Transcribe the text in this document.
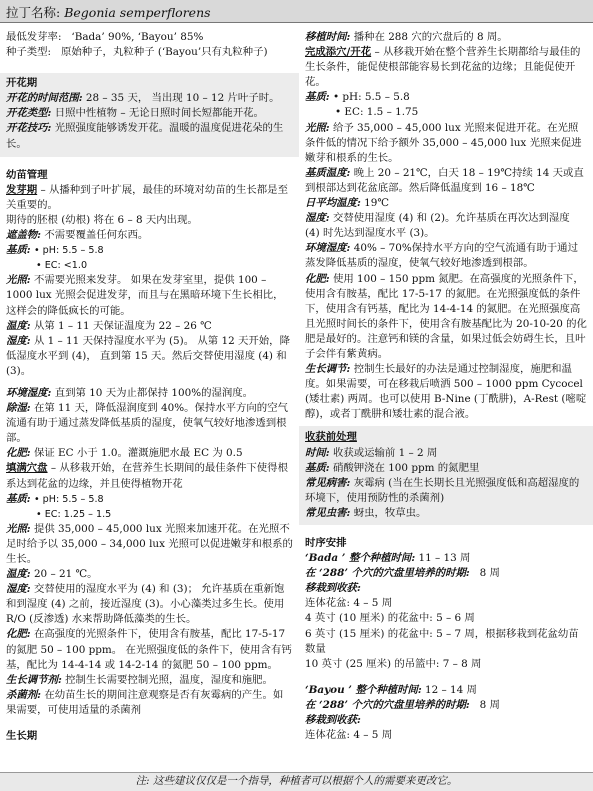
拉丁名称: Begonia semperflorens

最低发芽率: ‘Bada’ 90%, ‘Bayou’ 85%

种子类型: 原始种子，丸粒种子 (‘Bayou’只有丸粒种子)

开花期

开花的时间范围: 28 – 35 天， 当出现 10 – 12 片叶子时。

开花类型: 日照中性植物 – 无论日照时间长短都能开花。

开花技巧: 光照强度能够诱发开花。温暖的温度促进花朵的生长。

幼苗管理

发芽期 – 从播种到子叶扩展，最佳的环境对幼苗的生长都是至关重要的。

期待的胚根 (幼根) 将在 6 – 8 天内出现。

遮盖物: 不需要覆盖任何东西。

基质: • pH: 5.5 – 5.8

• EC: <1.0

光照: 不需要光照来发芽。 如果在发芽室里，提供 100 – 1000 lux 光照会促进发芽，而且与在黑暗环境下生长相比，这样会的降低疯长的可能。

温度: 从第 1 – 11 天保证温度为 22 – 26 ℃

湿度: 从 1 – 11 天保持湿度水平为 (5)。 从第 12 天开始，降低湿度水平到 (4)， 直到第 15 天。然后交替使用湿度 (4) 和 (3)。

环境湿度: 直到第 10 天为止都保持 100%的湿润度。

除湿: 在第 11 天，降低湿润度到 40%。保持水平方向的空气流通有助于通过蒸发降低基质的湿度，使氧气较好地渗透到根部。

化肥: 保证 EC 小于 1.0。灌溉施肥水最 EC 为 0.5

填满穴盘 – 从移栽开始，在营养生长期间的最佳条件下使得根系达到花盆的边缘，并且使得植物开花

基质: • pH: 5.5 – 5.8

• EC: 1.25 – 1.5

光照: 提供 35,000 – 45,000 lux 光照来加速开花。在光照不足时给予以 35,000 – 34,000 lux 光照可以促进嫩芽和根系的生长。

温度: 20 – 21 ℃。

湿度: 交替使用的湿度水平为 (4) 和 (3)； 允许基质在重新饱和到湿度 (4) 之前，接近湿度 (3)。小心藻类过多生长。使用 R/O (反渗透) 水来帮助降低藻类的生长。

化肥: 在高强度的光照条件下，使用含有胺基，配比 17-5-17 的氮肥 50 – 100 ppm。 在光照强度低的条件下，使用含有钙基，配比为 14-4-14 或 14-2-14 的氮肥 50 – 100 ppm。

生长调节剂: 控制生长需要控制光照，温度，湿度和施肥。

杀菌剂: 在幼苗生长的期间注意观察是否有灰霉病的产生。如果需要，可使用适量的杀菌剂

生长期

移植时间: 播种在 288 穴的穴盘后的 8 周。

完成添穴/开花 – 从移栽开始在整个营养生长期都给与最佳的生长条件，能促使根部能容易长到花盆的边缘；且能促使开花。

基质: • pH: 5.5 – 5.8

• EC: 1.5 – 1.75

光照: 给予 35,000 – 45,000 lux 光照来促进开花。在光照条件低的情况下给予额外 35,000 – 45,000 lux 光照来促进嫩芽和根系的生长。

基质温度: 晚上 20 – 21℃，白天 18 – 19℃持续 14 天或直到根部达到花盆底部。然后降低温度到 16 – 18℃

日平均温度: 19℃

湿度: 交替使用湿度 (4) 和 (2)。允许基质在再次达到湿度 (4) 时先达到湿度水平 (3)。

环境湿度: 40% – 70%保持水平方向的空气流通有助于通过蒸发降低基质的湿度，使氧气较好地渗透到根部。

化肥: 使用 100 – 150 ppm 氮肥。在高强度的光照条件下，使用含有胺基，配比 17-5-17 的氮肥。在光照强度低的条件下，使用含有钙基，配比为 14-4-14 的氮肥。在光照强度高且光照时间长的条件下，使用含有胺基配比为 20-10-20 的化肥是最好的。注意钙和镁的含量，如果过低会妨碍生长，且叶子会伴有紫黄病。

生长调节: 控制生长最好的办法是通过控制湿度，施肥和温度。如果需要，可在移栽后喷洒 500 – 1000 ppm Cycocel (矮壮素) 两周。也可以使用 B-Nine (丁酰肼)，A-Rest (嘧啶醇)，或者丁酰肼和矮壮素的混合液。

收获前处理

时间: 收获或运输前 1 – 2 周

基质: 硝酸钾浇在 100 ppm 的氮肥里

常见病害: 灰霉病 (当在生长期长且光照强度低和高超湿度的环境下，使用预防性的杀菌剂)

常见虫害: 蚜虫，牧草虫。

时序安排

‘Bada ’ 整个种植时间: 11 – 13 周

在 ‘288’ 个穴的穴盘里培养的时期: 8 周

移栽到收获:

连体花盆: 4 – 5 周

4 英寸 (10 厘米) 的花盆中: 5 – 6 周

6 英寸 (15 厘米) 的花盆中: 5 – 7 周，根据移栽到花盆幼苗数量

10 英寸 (25 厘米) 的吊篮中: 7 – 8 周

‘Bayou ’ 整个种植时间: 12 – 14 周

在 ‘288’ 个穴的穴盘里培养的时期: 8 周

移栽到收获:

连体花盆: 4 – 5 周

注: 这些建议仅仅是一个指导，种植者可以根据个人的需要来更改它。
